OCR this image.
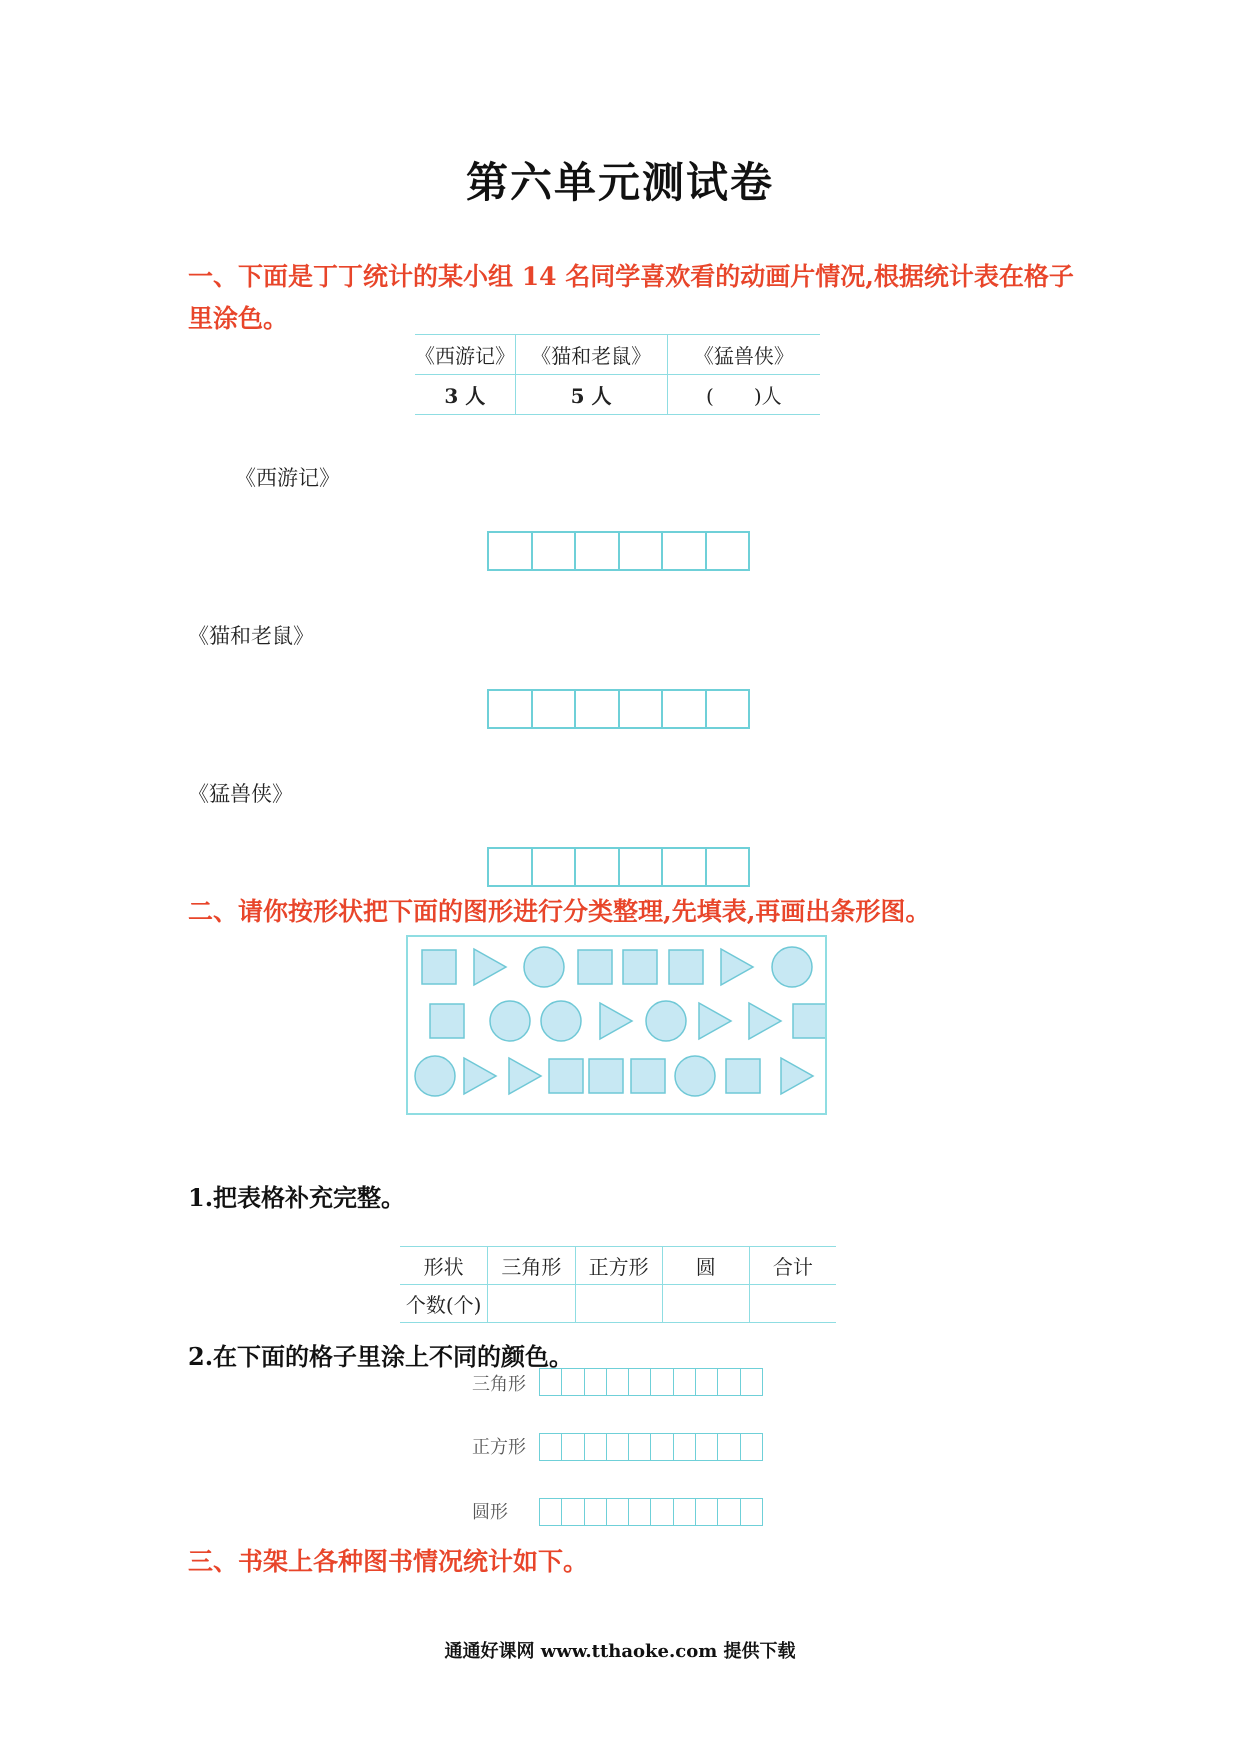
第六单元测试卷
一、下面是丁丁统计的某小组 14 名同学喜欢看的动画片情况,根据统计表在格子
里涂色。
《西游记》	《猫和老鼠》	《猛兽侠》
3 人	5 人	(　　)人
《西游记》
《猫和老鼠》
《猛兽侠》
二、请你按形状把下面的图形进行分类整理,先填表,再画出条形图。
1.把表格补充完整。
形状	三角形	正方形	圆	合计
个数(个)				
2.在下面的格子里涂上不同的颜色。
三角形
正方形
圆形
三、书架上各种图书情况统计如下。
通通好课网 www.tthaoke.com 提供下载
